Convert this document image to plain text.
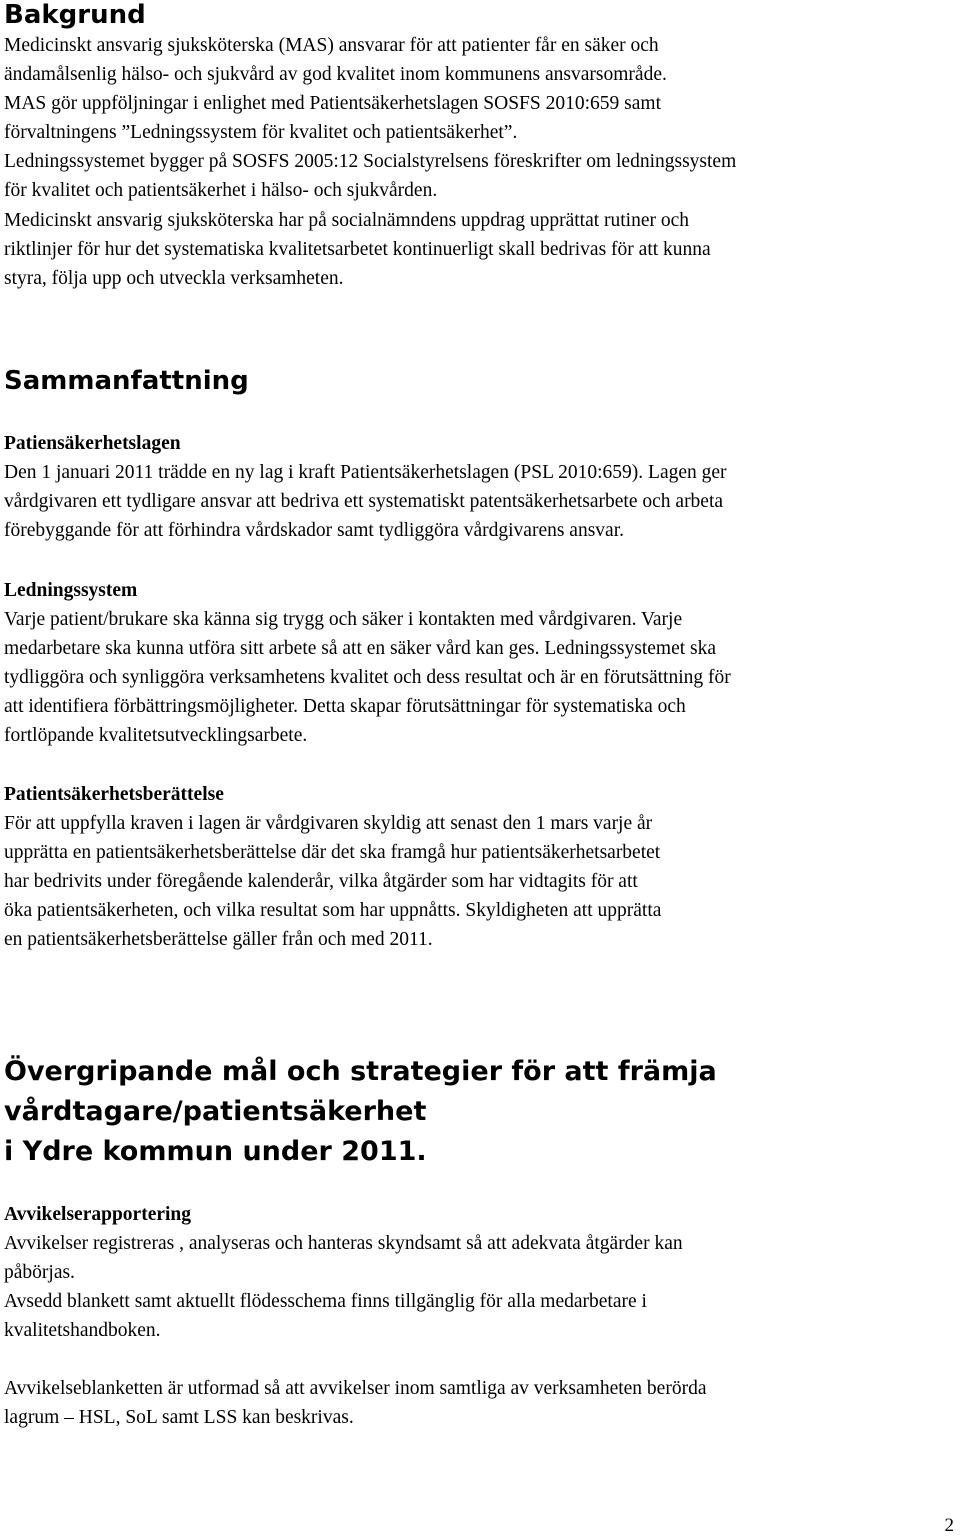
Bakgrund
Medicinskt ansvarig sjuksköterska (MAS) ansvarar för att patienter får en säker och
ändamålsenlig hälso- och sjukvård av god kvalitet inom kommunens ansvarsområde.
MAS gör uppföljningar i enlighet med Patientsäkerhetslagen SOSFS 2010:659 samt
förvaltningens ”Ledningssystem för kvalitet och patientsäkerhet”.
Ledningssystemet bygger på SOSFS 2005:12 Socialstyrelsens föreskrifter om ledningssystem
för kvalitet och patientsäkerhet i hälso- och sjukvården.
Medicinskt ansvarig sjuksköterska har på socialnämndens uppdrag upprättat rutiner och
riktlinjer för hur det systematiska kvalitetsarbetet kontinuerligt skall bedrivas för att kunna
styra, följa upp och utveckla verksamheten.
Sammanfattning
Patiensäkerhetslagen
Den 1 januari 2011 trädde en ny lag i kraft Patientsäkerhetslagen (PSL 2010:659). Lagen ger
vårdgivaren ett tydligare ansvar att bedriva ett systematiskt patentsäkerhetsarbete och arbeta
förebyggande för att förhindra vårdskador samt tydliggöra vårdgivarens ansvar.
Ledningssystem
Varje patient/brukare ska känna sig trygg och säker i kontakten med vårdgivaren. Varje
medarbetare ska kunna utföra sitt arbete så att en säker vård kan ges. Ledningssystemet ska
tydliggöra och synliggöra verksamhetens kvalitet och dess resultat och är en förutsättning för
att identifiera förbättringsmöjligheter. Detta skapar förutsättningar för systematiska och
fortlöpande kvalitetsutvecklingsarbete.
Patientsäkerhetsberättelse
För att uppfylla kraven i lagen är vårdgivaren skyldig att senast den 1 mars varje år
upprätta en patientsäkerhetsberättelse där det ska framgå hur patientsäkerhetsarbetet
har bedrivits under föregående kalenderår, vilka åtgärder som har vidtagits för att
öka patientsäkerheten, och vilka resultat som har uppnåtts. Skyldigheten att upprätta
en patientsäkerhetsberättelse gäller från och med 2011.
Övergripande mål och strategier för att främja
vårdtagare/patientsäkerhet
i Ydre kommun under 2011.
Avvikelserapportering
Avvikelser registreras , analyseras och hanteras skyndsamt så att adekvata åtgärder kan
påbörjas.
Avsedd blankett samt aktuellt flödesschema finns tillgänglig för alla medarbetare i
kvalitetshandboken.
Avvikelseblanketten är utformad så att avvikelser inom samtliga av verksamheten berörda
lagrum – HSL, SoL samt LSS kan beskrivas.
2
